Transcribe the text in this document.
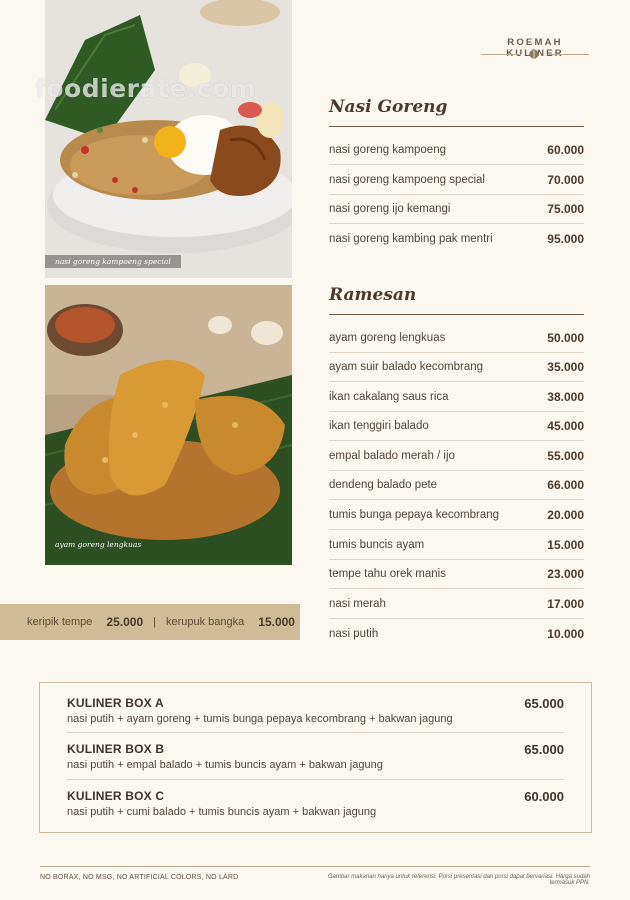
nasi goreng kampoeng special
foodierate.com
ayam goreng lengkuas
ROEMAH
Nasi Goreng
nasi goreng kampoeng	60.000
nasi goreng kampoeng special	70.000
nasi goreng ijo kemangi	75.000
nasi goreng kambing pak mentri	95.000
Ramesan
ayam goreng lengkuas	50.000
ayam suir balado kecombrang	35.000
ikan cakalang saus rica	38.000
ikan tenggiri balado	45.000
empal balado merah / ijo	55.000
dendeng balado pete	66.000
tumis bunga pepaya kecombrang	20.000
tumis buncis ayam	15.000
tempe tahu orek manis	23.000
nasi merah	17.000
nasi putih	10.000
keripik tempe 25.000 | kerupuk bangka 15.000
KULINER BOX A
nasi putih + ayam goreng + tumis bunga pepaya kecombrang + bakwan jagung
65.000
KULINER BOX B
nasi putih + empal balado + tumis buncis ayam + bakwan jagung
65.000
KULINER BOX C
nasi putih + cumi balado + tumis buncis ayam + bakwan jagung
60.000
NO BORAX, NO MSG, NO ARTIFICIAL COLORS, NO LARD	Gambar makanan hanya untuk referensi. Porsi presentasi dan porsi dapat bervariasi. Harga sudah termasuk PPN.
